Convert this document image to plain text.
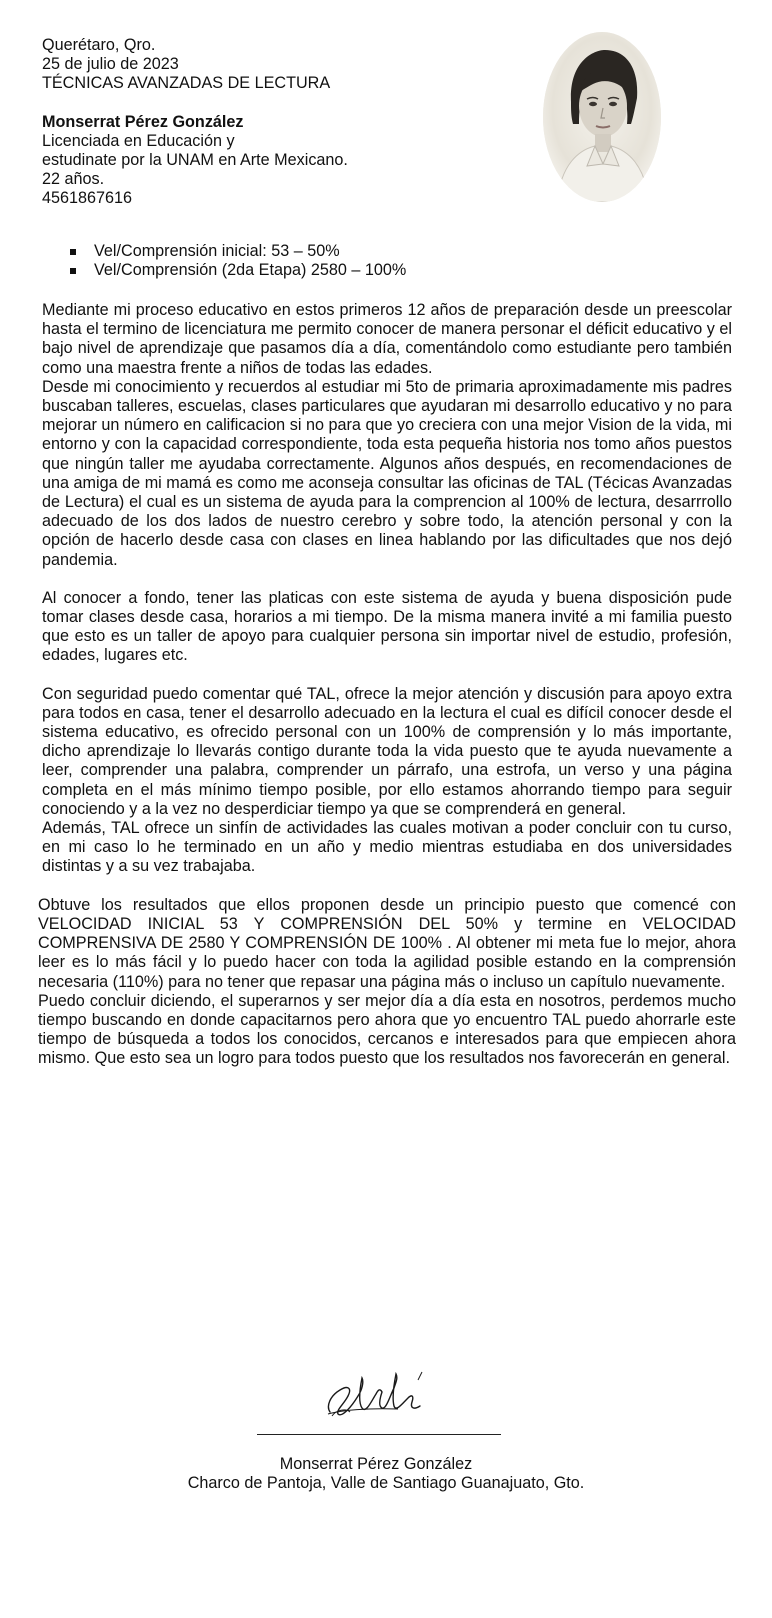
Querétaro, Qro.
25 de julio de 2023
TÉCNICAS AVANZADAS DE LECTURA
Monserrat Pérez González
Licenciada en Educación y
estudinate por la UNAM en Arte Mexicano.
22 años.
4561867616
Vel/Comprensión inicial: 53 – 50%
Vel/Comprensión (2da Etapa) 2580 – 100%

Mediante mi proceso educativo en estos primeros 12 años de preparación desde un preescolar hasta el termino de licenciatura me permito conocer de manera personar el déficit educativo y el bajo nivel de aprendizaje que pasamos día a día, comentándolo como estudiante pero también como una maestra frente a niños de todas las edades.

Desde mi conocimiento y recuerdos al estudiar mi 5to de primaria aproximadamente mis padres buscaban talleres, escuelas, clases particulares que ayudaran mi desarrollo educativo y no para mejorar un número en calificacion si no para que yo creciera con una mejor Vision de la vida, mi entorno y con la capacidad correspondiente, toda esta pequeña historia nos tomo años puestos que ningún taller me ayudaba correctamente. Algunos años después, en recomendaciones de una amiga de mi mamá es como me aconseja consultar las oficinas de TAL (Técicas Avanzadas de Lectura) el cual es un sistema de ayuda para la comprencion al 100% de lectura, desarrrollo adecuado de los dos lados de nuestro cerebro y sobre todo, la atención personal y con la opción de hacerlo desde casa con clases en linea hablando por las dificultades que nos dejó pandemia.

Al conocer a fondo, tener las platicas con este sistema de ayuda y buena disposición pude tomar clases desde casa, horarios a mi tiempo. De la misma manera invité a mi familia puesto que esto es un taller de apoyo para cualquier persona sin importar nivel de estudio, profesión, edades, lugares etc.

Con seguridad puedo comentar qué TAL, ofrece la mejor atención y discusión para apoyo extra para todos en casa, tener el desarrollo adecuado en la lectura el cual es difícil conocer desde el sistema educativo, es ofrecido personal con un 100% de comprensión y lo más importante, dicho aprendizaje lo llevarás contigo durante toda la vida puesto que te ayuda nuevamente a leer, comprender una palabra, comprender un párrafo, una estrofa, un verso y una página completa en el más mínimo tiempo posible, por ello estamos ahorrando tiempo para seguir conociendo y a la vez no desperdiciar tiempo ya que se comprenderá en general.

Además, TAL ofrece un sinfín de actividades las cuales motivan a poder concluir con tu curso, en mi caso lo he terminado en un año y medio mientras estudiaba en dos universidades distintas y a su vez trabajaba.

Obtuve los resultados que ellos proponen desde un principio puesto que comencé con VELOCIDAD INICIAL 53 Y COMPRENSIÓN DEL 50% y termine en VELOCIDAD COMPRENSIVA DE 2580 Y COMPRENSIÓN DE 100% . Al obtener mi meta fue lo mejor, ahora leer es lo más fácil y lo puedo hacer con toda la agilidad posible estando en la comprensión necesaria (110%) para no tener que repasar una página más o incluso un capítulo nuevamente.

Puedo concluir diciendo, el superarnos y ser mejor día a día esta en nosotros, perdemos mucho tiempo buscando en donde capacitarnos pero ahora que yo encuentro TAL puedo ahorrarle este tiempo de búsqueda a todos los conocidos, cercanos e interesados para que empiecen ahora mismo. Que esto sea un logro para todos puesto que los resultados nos favorecerán en general.

Monserrat Pérez González
Charco de Pantoja, Valle de Santiago Guanajuato, Gto.
